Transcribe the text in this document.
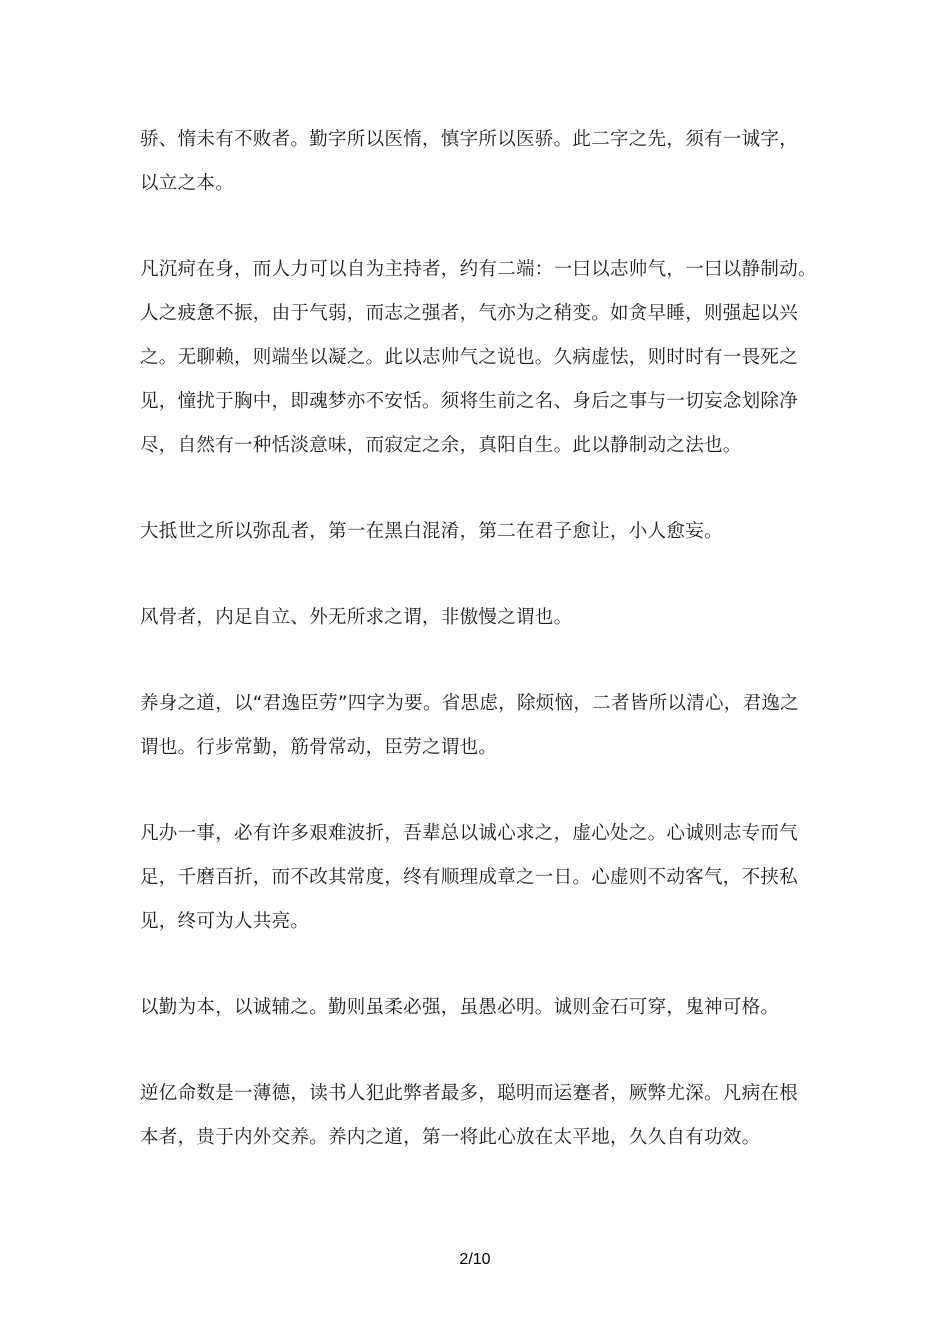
骄、惰未有不败者。勤字所以医惰，慎字所以医骄。此二字之先，须有一诚字，
以立之本。

凡沉疴在身，而人力可以自为主持者，约有二端：一曰以志帅气，一曰以静制动。
人之疲惫不振，由于气弱，而志之强者，气亦为之稍变。如贪早睡，则强起以兴
之。无聊赖，则端坐以凝之。此以志帅气之说也。久病虚怯，则时时有一畏死之
见，憧扰于胸中，即魂梦亦不安恬。须将生前之名、身后之事与一切妄念划除净
尽，自然有一种恬淡意味，而寂定之余，真阳自生。此以静制动之法也。

大抵世之所以弥乱者，第一在黑白混淆，第二在君子愈让，小人愈妄。

风骨者，内足自立、外无所求之谓，非傲慢之谓也。

养身之道，以“君逸臣劳”四字为要。省思虑，除烦恼，二者皆所以清心，君逸之
谓也。行步常勤，筋骨常动，臣劳之谓也。

凡办一事，必有许多艰难波折，吾辈总以诚心求之，虚心处之。心诚则志专而气
足，千磨百折，而不改其常度，终有顺理成章之一日。心虚则不动客气，不挟私
见，终可为人共亮。

以勤为本，以诚辅之。勤则虽柔必强，虽愚必明。诚则金石可穿，鬼神可格。

逆亿命数是一薄德，读书人犯此弊者最多，聪明而运蹇者，厥弊尤深。凡病在根
本者，贵于内外交养。养内之道，第一将此心放在太平地，久久自有功效。

2/10
